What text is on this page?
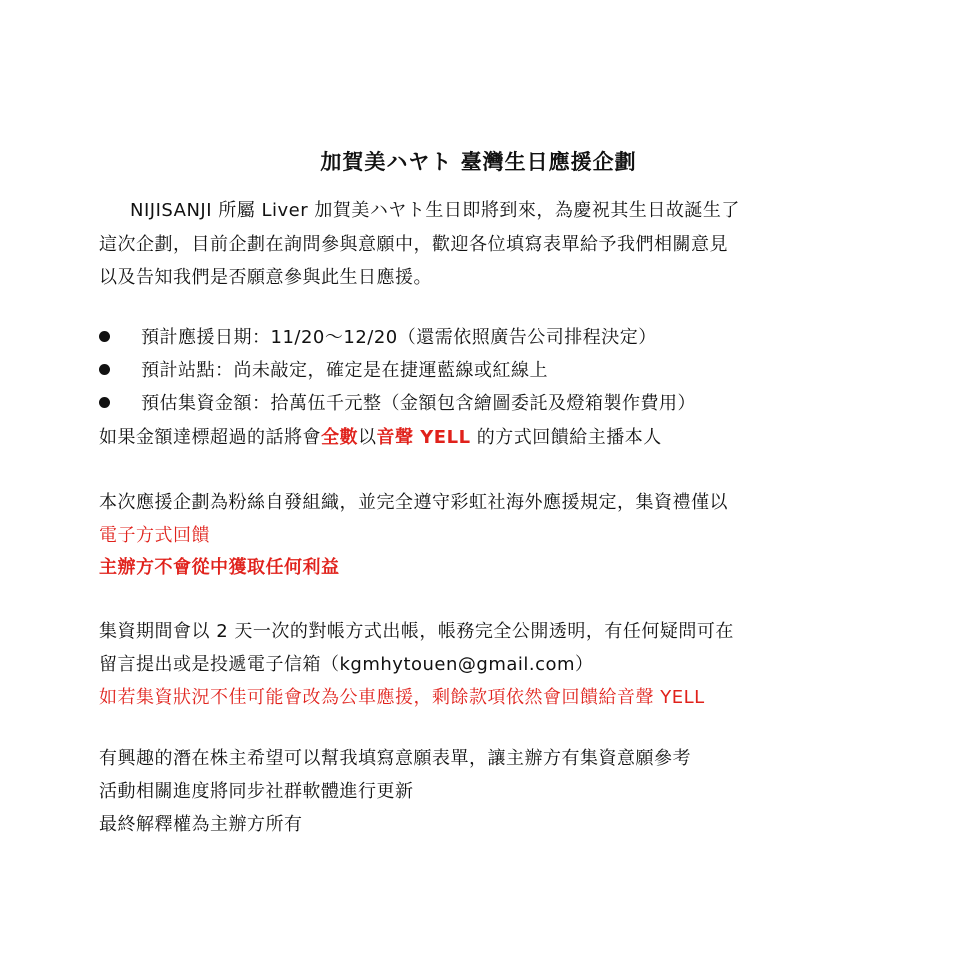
加賀美ハヤト 臺灣生日應援企劃
NIJISANJI 所屬 Liver 加賀美ハヤト生日即將到來，為慶祝其生日故誕生了
這次企劃，目前企劃在詢問參與意願中，歡迎各位填寫表單給予我們相關意見
以及告知我們是否願意參與此生日應援。
預計應援日期：11/20～12/20（還需依照廣告公司排程決定）
預計站點：尚未敲定，確定是在捷運藍線或紅線上
預估集資金額：拾萬伍千元整（金額包含繪圖委託及燈箱製作費用）
如果金額達標超過的話將會全數以音聲 YELL 的方式回饋給主播本人
本次應援企劃為粉絲自發組織，並完全遵守彩虹社海外應援規定，集資禮僅以
電子方式回饋
主辦方不會從中獲取任何利益
集資期間會以 2 天一次的對帳方式出帳，帳務完全公開透明，有任何疑問可在
留言提出或是投遞電子信箱（kgmhytouen@gmail.com）
如若集資狀況不佳可能會改為公車應援，剩餘款項依然會回饋給音聲 YELL
有興趣的潛在株主希望可以幫我填寫意願表單，讓主辦方有集資意願參考
活動相關進度將同步社群軟體進行更新
最終解釋權為主辦方所有
